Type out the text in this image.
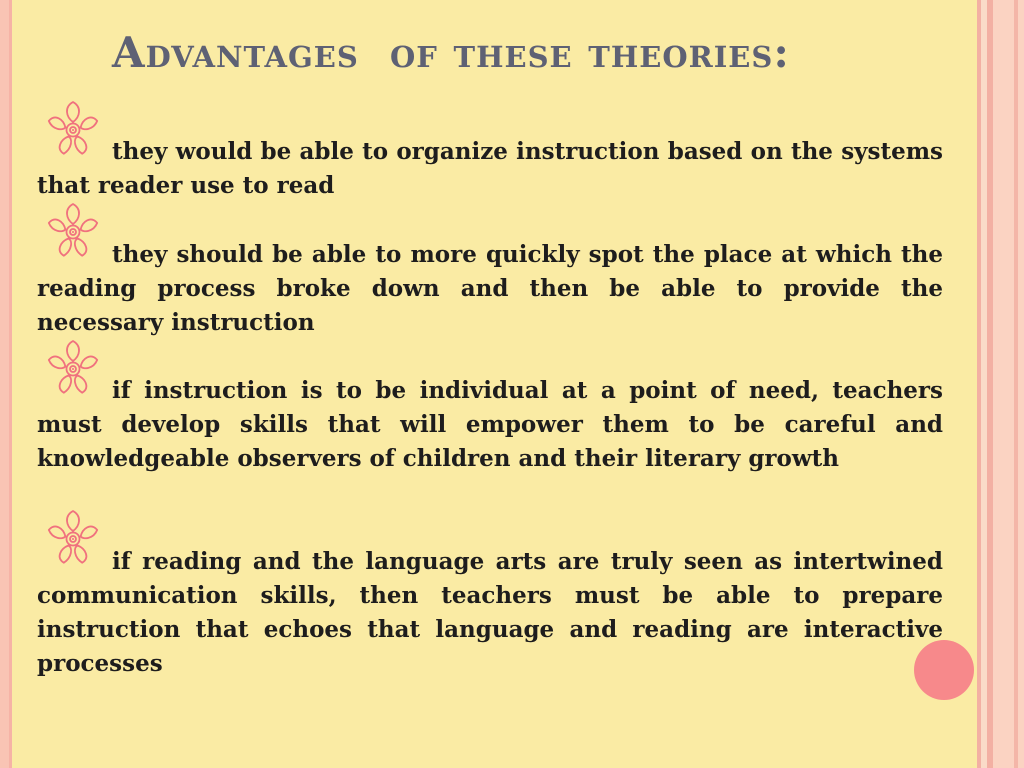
Advantages  of these theories:

they would be able to organize instruction based on the systems that reader use to read

they should be able to more quickly spot the place at which the reading process broke down and then be able to provide the necessary instruction

if instruction is to be individual at a point of need, teachers must develop skills that will empower them to be careful and knowledgeable observers of children and their literary growth

if reading and the language arts are truly seen as intertwined communication skills, then teachers must be able to prepare instruction that echoes that language and reading are interactive processes
